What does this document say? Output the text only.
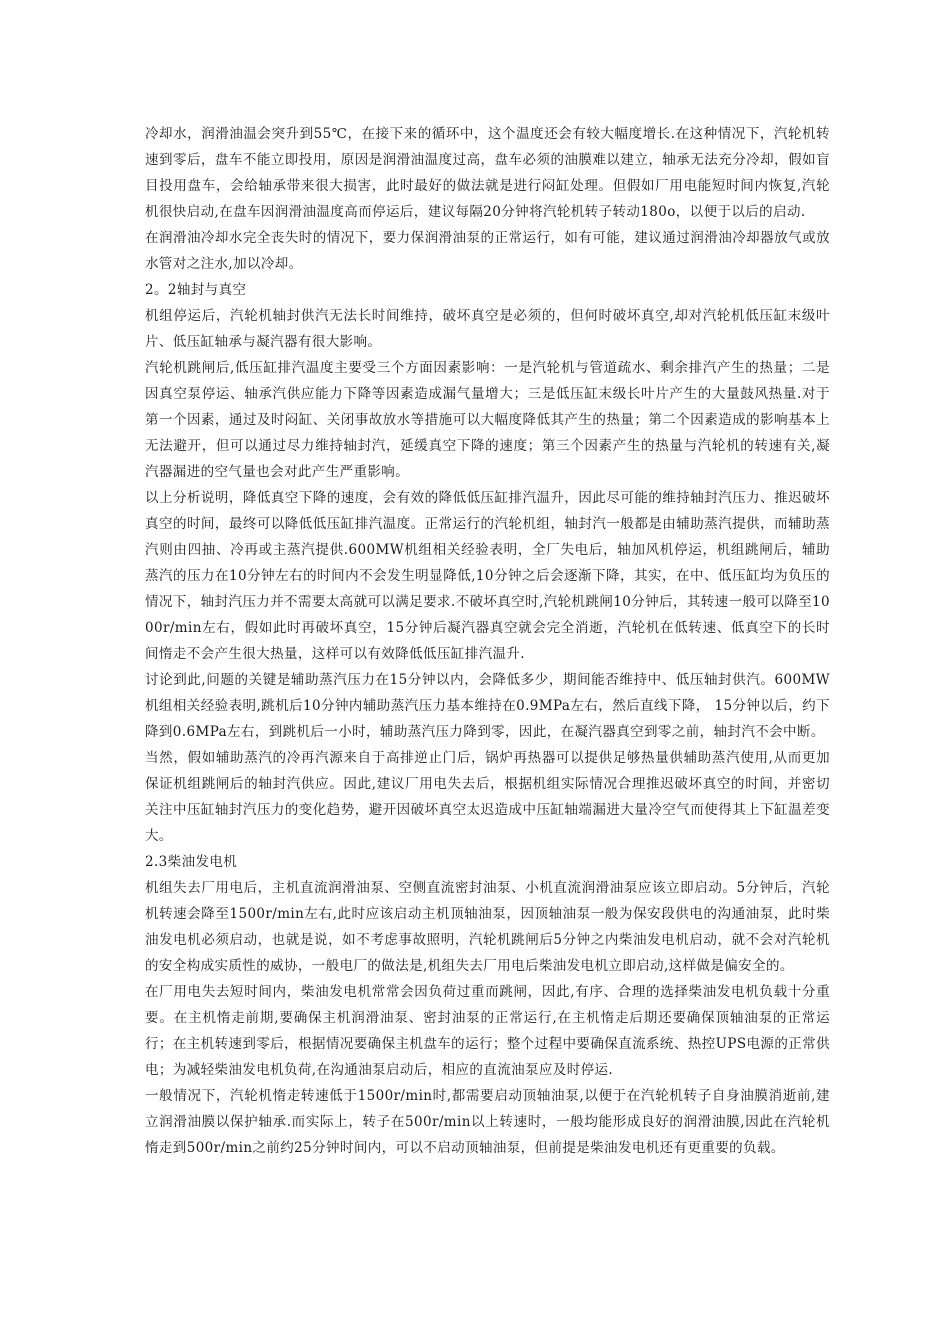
冷却水，润滑油温会突升到55℃，在接下来的循环中，这个温度还会有较大幅度增长.在这种情况下，汽轮机转速到零后，盘车不能立即投用，原因是润滑油温度过高，盘车必须的油膜难以建立，轴承无法充分冷却，假如盲目投用盘车，会给轴承带来很大损害，此时最好的做法就是进行闷缸处理。但假如厂用电能短时间内恢复,汽轮机很快启动,在盘车因润滑油温度高而停运后，建议每隔20分钟将汽轮机转子转动180o，以便于以后的启动.

在润滑油冷却水完全丧失时的情况下，要力保润滑油泵的正常运行，如有可能，建议通过润滑油冷却器放气或放水管对之注水,加以冷却。

2。2轴封与真空

机组停运后，汽轮机轴封供汽无法长时间维持，破坏真空是必须的，但何时破坏真空,却对汽轮机低压缸末级叶片、低压缸轴承与凝汽器有很大影响。

汽轮机跳闸后,低压缸排汽温度主要受三个方面因素影响：一是汽轮机与管道疏水、剩余排汽产生的热量；二是因真空泵停运、轴承汽供应能力下降等因素造成漏气量增大；三是低压缸末级长叶片产生的大量鼓风热量.对于第一个因素，通过及时闷缸、关闭事故放水等措施可以大幅度降低其产生的热量；第二个因素造成的影响基本上无法避开，但可以通过尽力维持轴封汽，延缓真空下降的速度；第三个因素产生的热量与汽轮机的转速有关,凝汽器漏进的空气量也会对此产生严重影响。

以上分析说明，降低真空下降的速度，会有效的降低低压缸排汽温升，因此尽可能的维持轴封汽压力、推迟破坏真空的时间，最终可以降低低压缸排汽温度。正常运行的汽轮机组，轴封汽一般都是由辅助蒸汽提供，而辅助蒸汽则由四抽、冷再或主蒸汽提供.600MW机组相关经验表明，全厂失电后，轴加风机停运，机组跳闸后，辅助蒸汽的压力在10分钟左右的时间内不会发生明显降低,10分钟之后会逐渐下降，其实，在中、低压缸均为负压的情况下，轴封汽压力并不需要太高就可以满足要求.不破坏真空时,汽轮机跳闸10分钟后，其转速一般可以降至1000r/min左右，假如此时再破坏真空，15分钟后凝汽器真空就会完全消逝，汽轮机在低转速、低真空下的长时间惰走不会产生很大热量，这样可以有效降低低压缸排汽温升.

讨论到此,问题的关键是辅助蒸汽压力在15分钟以内，会降低多少，期间能否维持中、低压轴封供汽。600MW机组相关经验表明,跳机后10分钟内辅助蒸汽压力基本维持在0.9MPa左右，然后直线下降， 15分钟以后，约下降到0.6MPa左右，到跳机后一小时，辅助蒸汽压力降到零，因此，在凝汽器真空到零之前，轴封汽不会中断。

当然，假如辅助蒸汽的冷再汽源来自于高排逆止门后，锅炉再热器可以提供足够热量供辅助蒸汽使用,从而更加保证机组跳闸后的轴封汽供应。因此,建议厂用电失去后，根据机组实际情况合理推迟破坏真空的时间，并密切关注中压缸轴封汽压力的变化趋势，避开因破坏真空太迟造成中压缸轴端漏进大量冷空气而使得其上下缸温差变大。

2.3柴油发电机

机组失去厂用电后，主机直流润滑油泵、空侧直流密封油泵、小机直流润滑油泵应该立即启动。5分钟后，汽轮机转速会降至1500r/min左右,此时应该启动主机顶轴油泵，因顶轴油泵一般为保安段供电的沟通油泵，此时柴油发电机必须启动，也就是说，如不考虑事故照明，汽轮机跳闸后5分钟之内柴油发电机启动，就不会对汽轮机的安全构成实质性的威协，一般电厂的做法是,机组失去厂用电后柴油发电机立即启动,这样做是偏安全的。

在厂用电失去短时间内，柴油发电机常常会因负荷过重而跳闸，因此,有序、合理的选择柴油发电机负载十分重要。在主机惰走前期,要确保主机润滑油泵、密封油泵的正常运行,在主机惰走后期还要确保顶轴油泵的正常运行；在主机转速到零后，根据情况要确保主机盘车的运行；整个过程中要确保直流系统、热控UPS电源的正常供电；为减轻柴油发电机负荷,在沟通油泵启动后，相应的直流油泵应及时停运.

一般情况下，汽轮机惰走转速低于1500r/min时,都需要启动顶轴油泵,以便于在汽轮机转子自身油膜消逝前,建立润滑油膜以保护轴承.而实际上，转子在500r/min以上转速时，一般均能形成良好的润滑油膜,因此在汽轮机惰走到500r/min之前约25分钟时间内，可以不启动顶轴油泵，但前提是柴油发电机还有更重要的负载。
